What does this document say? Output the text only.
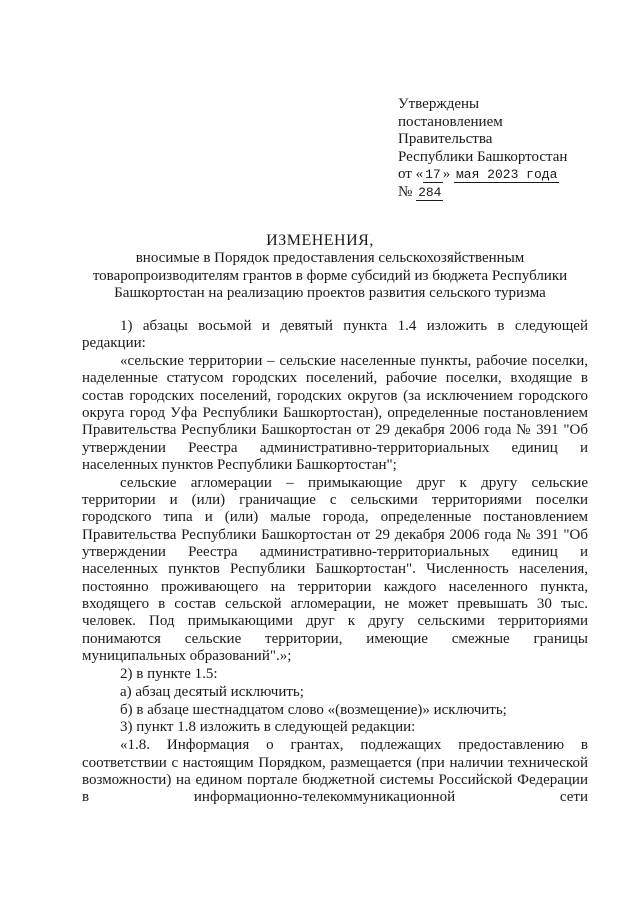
Утверждены
постановлением
Правительства
Республики Башкортостан
от « 17 » мая 2023 года
№ 284
ИЗМЕНЕНИЯ,
вносимые в Порядок предоставления сельскохозяйственным товаропроизводителям грантов в форме субсидий из бюджета Республики Башкортостан на реализацию проектов развития сельского туризма

1) абзацы восьмой и девятый пункта 1.4 изложить в следующей редакции:

«сельские территории – сельские населенные пункты, рабочие поселки, наделенные статусом городских поселений, рабочие поселки, входящие в состав городских поселений, городских округов (за исключением городского округа город Уфа Республики Башкортостан), определенные постановлением Правительства Республики Башкортостан от 29 декабря 2006 года № 391 "Об утверждении Реестра административно-территориальных единиц и населенных пунктов Республики Башкортостан";

сельские агломерации – примыкающие друг к другу сельские территории и (или) граничащие с сельскими территориями поселки городского типа и (или) малые города, определенные постановлением Правительства Республики Башкортостан от 29 декабря 2006 года № 391 "Об утверждении Реестра административно-территориальных единиц и населенных пунктов Республики Башкортостан". Численность населения, постоянно проживающего на территории каждого населенного пункта, входящего в состав сельской агломерации, не может превышать 30 тыс. человек. Под примыкающими друг к другу сельскими территориями понимаются сельские территории, имеющие смежные границы муниципальных образований".»;

2) в пункте 1.5:

а) абзац десятый исключить;

б) в абзаце шестнадцатом слово «(возмещение)» исключить;

3) пункт 1.8 изложить в следующей редакции:

«1.8. Информация о грантах, подлежащих предоставлению в соответствии с настоящим Порядком, размещается (при наличии технической возможности) на едином портале бюджетной системы Российской Федерации в информационно-телекоммуникационной сети
